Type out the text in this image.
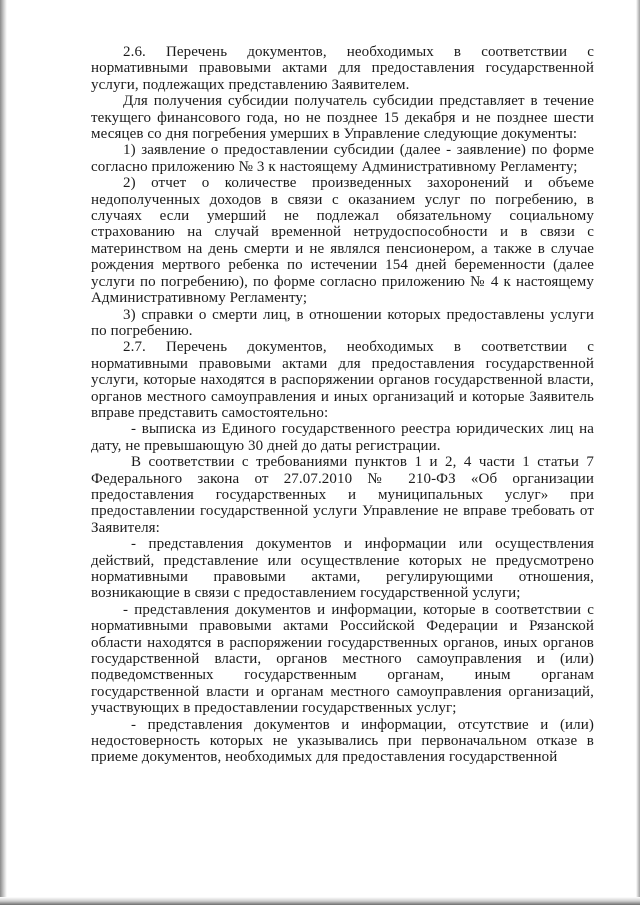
2.6. Перечень документов, необходимых в соответствии с нормативными правовыми актами для предоставления государственной услуги, подлежащих представлению Заявителем.

Для получения субсидии получатель субсидии представляет в течение текущего финансового года, но не позднее 15 декабря и не позднее шести месяцев со дня погребения умерших в Управление следующие документы:

1) заявление о предоставлении субсидии (далее - заявление) по форме согласно приложению № 3 к настоящему Административному Регламенту;

2) отчет о количестве произведенных захоронений и объеме недополученных доходов в связи с оказанием услуг по погребению, в случаях если умерший не подлежал обязательному социальному страхованию на случай временной нетрудоспособности и в связи с материнством на день смерти и не являлся пенсионером, а также в случае рождения мертвого ребенка по истечении 154 дней беременности (далее услуги по погребению), по форме согласно приложению № 4 к настоящему Административному Регламенту;

3) справки о смерти лиц, в отношении которых предоставлены услуги по погребению.

2.7. Перечень документов, необходимых в соответствии с нормативными правовыми актами для предоставления государственной услуги, которые находятся в распоряжении органов государственной власти, органов местного самоуправления и иных организаций и которые Заявитель вправе представить самостоятельно:

- выписка из Единого государственного реестра юридических лиц на дату, не превышающую 30 дней до даты регистрации.

В соответствии с требованиями пунктов 1 и 2, 4 части 1 статьи 7 Федерального закона от 27.07.2010 № 210-ФЗ «Об организации предоставления государственных и муниципальных услуг» при предоставлении государственной услуги Управление не вправе требовать от Заявителя:

- представления документов и информации или осуществления действий, представление или осуществление которых не предусмотрено нормативными правовыми актами, регулирующими отношения, возникающие в связи с предоставлением государственной услуги;

- представления документов и информации, которые в соответствии с нормативными правовыми актами Российской Федерации и Рязанской области находятся в распоряжении государственных органов, иных органов государственной власти, органов местного самоуправления и (или) подведомственных государственным органам, иным органам государственной власти и органам местного самоуправления организаций, участвующих в предоставлении государственных услуг;

- представления документов и информации, отсутствие и (или) недостоверность которых не указывались при первоначальном отказе в приеме документов, необходимых для предоставления государственной
